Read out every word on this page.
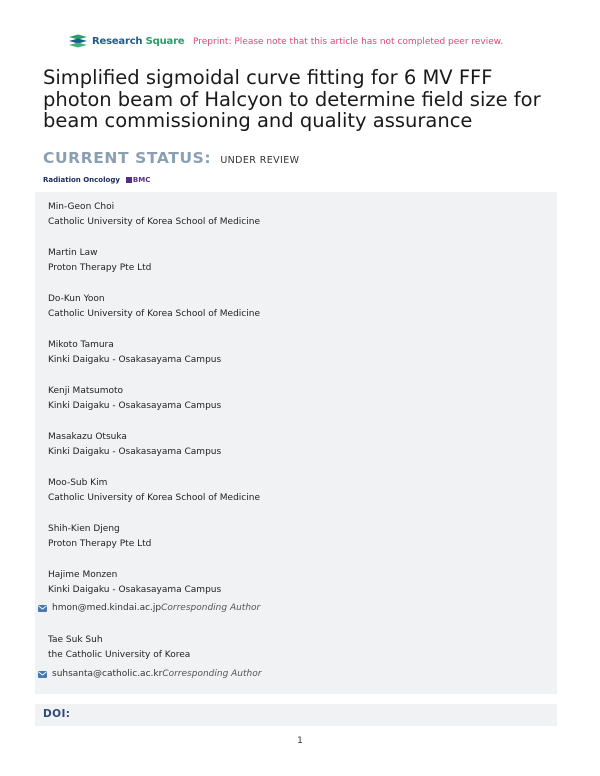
Research Square Preprint: Please note that this article has not completed peer review.
Simplified sigmoidal curve fitting for 6 MV FFF photon beam of Halcyon to determine field size for beam commissioning and quality assurance
CURRENT STATUS: UNDER REVIEW
Radiation Oncology BMC
Min-Geon Choi
Catholic University of Korea School of Medicine
Martin Law
Proton Therapy Pte Ltd
Do-Kun Yoon
Catholic University of Korea School of Medicine
Mikoto Tamura
Kinki Daigaku - Osakasayama Campus
Kenji Matsumoto
Kinki Daigaku - Osakasayama Campus
Masakazu Otsuka
Kinki Daigaku - Osakasayama Campus
Moo-Sub Kim
Catholic University of Korea School of Medicine
Shih-Kien Djeng
Proton Therapy Pte Ltd
Hajime Monzen
Kinki Daigaku - Osakasayama Campus
hmon@med.kindai.ac.jp Corresponding Author
Tae Suk Suh
the Catholic University of Korea
suhsanta@catholic.ac.kr Corresponding Author
DOI:
1
